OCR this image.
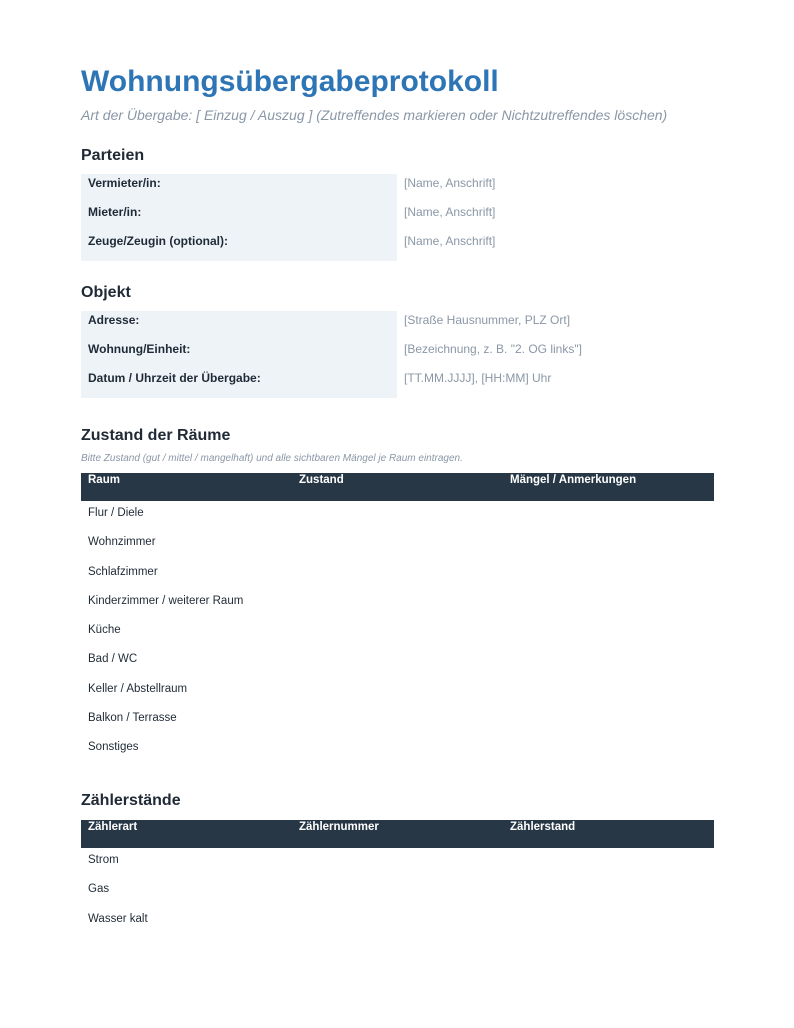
Wohnungsübergabeprotokoll
Art der Übergabe: [ Einzug / Auszug ] (Zutreffendes markieren oder Nichtzutreffendes löschen)
Parteien
Vermieter/in:	[Name, Anschrift]
Mieter/in:	[Name, Anschrift]
Zeuge/Zeugin (optional):	[Name, Anschrift]
Objekt
Adresse:	[Straße Hausnummer, PLZ Ort]
Wohnung/Einheit:	[Bezeichnung, z. B. "2. OG links"]
Datum / Uhrzeit der Übergabe:	[TT.MM.JJJJ], [HH:MM] Uhr
Zustand der Räume
Bitte Zustand (gut / mittel / mangelhaft) und alle sichtbaren Mängel je Raum eintragen.
Raum	Zustand	Mängel / Anmerkungen
Flur / Diele
Wohnzimmer
Schlafzimmer
Kinderzimmer / weiterer Raum
Küche
Bad / WC
Keller / Abstellraum
Balkon / Terrasse
Sonstiges
Zählerstände
Zählerart	Zählernummer	Zählerstand
Strom
Gas
Wasser kalt
